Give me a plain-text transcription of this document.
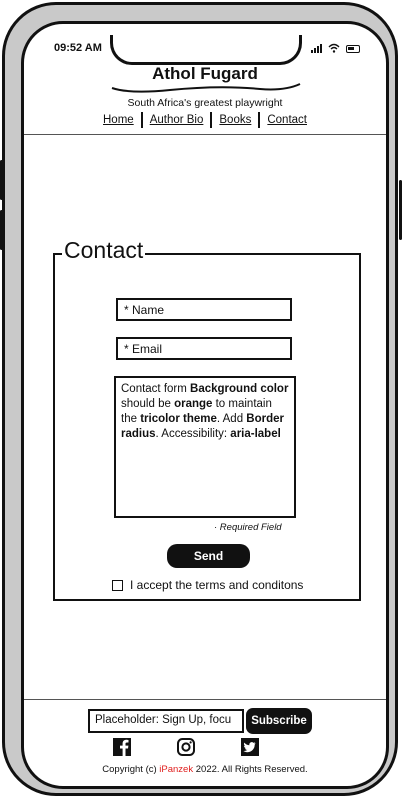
09:52 AM
Athol Fugard
South Africa's greatest playwright
Home	Author Bio	Books	Contact
Contact
* Name
* Email
Contact form Background color should be orange to maintain the tricolor theme. Add Border radius. Accessibility: aria-label
· Required Field
Send
I accept the terms and conditons
Placeholder: Sign Up, focu	Subscribe
Copyright (c) iPanzek 2022. All Rights Reserved.
